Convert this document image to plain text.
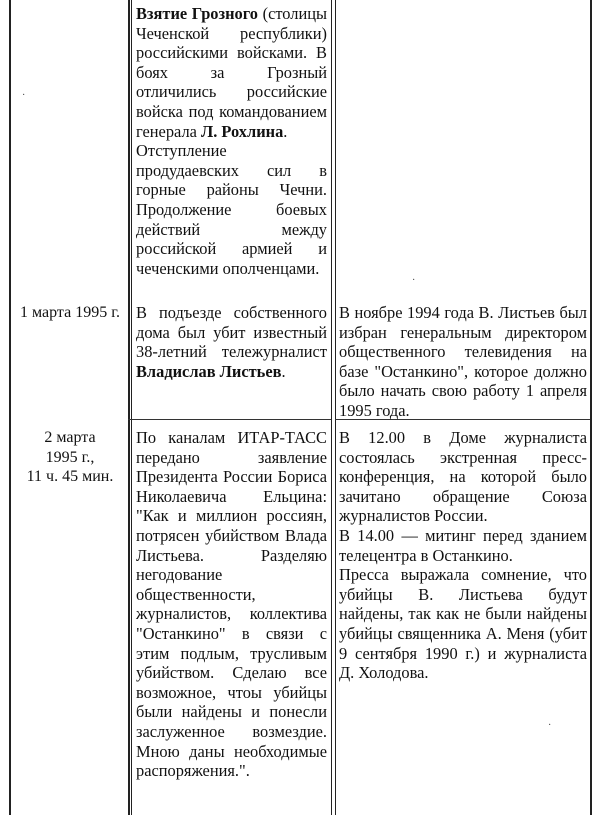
·
·
·

Взятие Грозного (столицы Чеченской республики) российскими войсками. В боях за Грозный отличились российские войска под командованием генерала Л. Рохлина.

Отступление продудаевских сил в горные районы Чечни. Продолжение боевых действий между российской армией и чеченскими ополченцами.

1 марта 1995 г. В подъезде собственного дома был убит известный 38-летний тележурналист Владислав Листьев.

В ноябре 1994 года В. Листьев был избран генеральным директором общественного телевидения на базе "Останкино", которое должно было начать свою работу 1 апреля 1995 года.
2 марта
1995 г.,
11 ч. 45 мин.
По каналам ИТАР-ТАСС передано заявление Президента России Бориса Николаевича Ельцина: "Как и миллион россиян, потрясен убийством Влада Листьева. Разделяю негодование общественности, журналистов, коллектива "Останкино" в связи с этим подлым, трусливым убийством. Сделаю все возможное, чтоы убийцы были найдены и понесли заслуженное возмездие. Мною даны необходимые распоряжения.".

В 12.00 в Доме журналиста состоялась экстренная пресс-конференция, на которой было зачитано обращение Союза журналистов России.

В 14.00 — митинг перед зданием телецентра в Останкино.

Пресса выражала сомнение, что убийцы В. Листьева будут найдены, так как не были найдены убийцы священника А. Меня (убит 9 сентября 1990 г.) и журналиста Д. Холодова.
